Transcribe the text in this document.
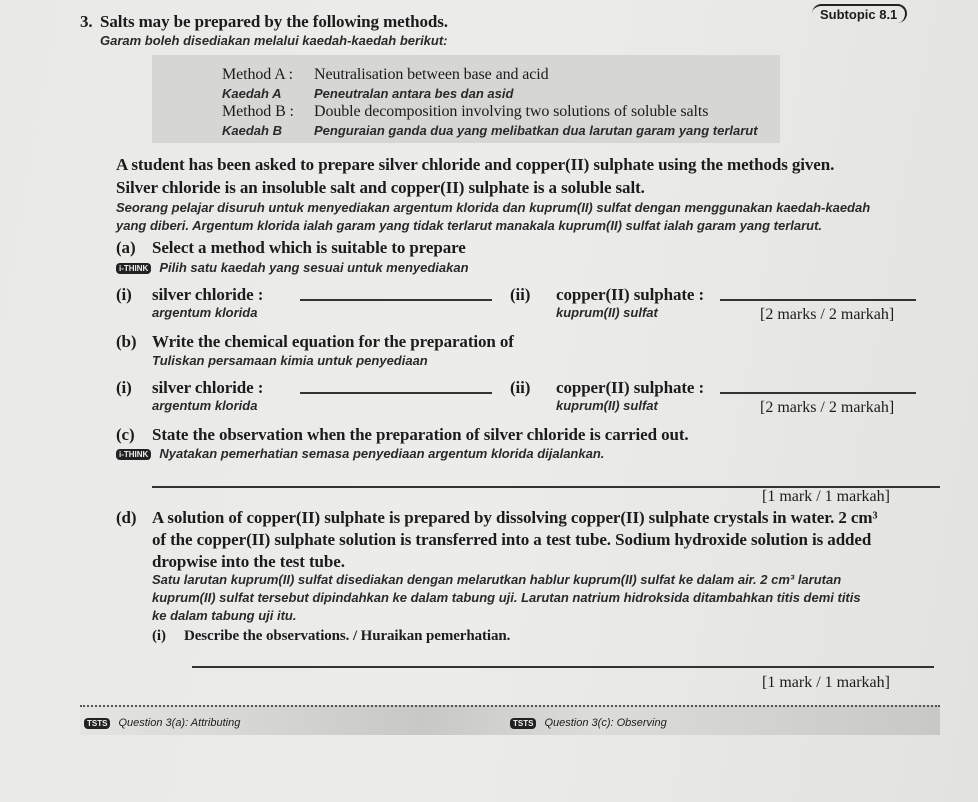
Subtopic 8.1
3. Salts may be prepared by the following methods.
Garam boleh disediakan melalui kaedah-kaedah berikut:
Method A : Neutralisation between base and acid
Kaedah A	Peneutralan antara bes dan asid
Method B : Double decomposition involving two solutions of soluble salts
Kaedah B Penguraian ganda dua yang melibatkan dua larutan garam yang terlarut
A student has been asked to prepare silver chloride and copper(II) sulphate using the methods given.
Silver chloride is an insoluble salt and copper(II) sulphate is a soluble salt.
Seorang pelajar disuruh untuk menyediakan argentum klorida dan kuprum(II) sulfat dengan menggunakan kaedah-kaedah
yang diberi. Argentum klorida ialah garam yang tidak terlarut manakala kuprum(II) sulfat ialah garam yang terlarut.
(a) Select a method which is suitable to prepare
i-THINK Pilih satu kaedah yang sesuai untuk menyediakan
(i) silver chloride :
argentum klorida
(ii) copper(II) sulphate :
kuprum(II) sulfat	[2 marks / 2 markah]
(b) Write the chemical equation for the preparation of
Tuliskan persamaan kimia untuk penyediaan
(i) silver chloride :
argentum klorida
(ii) copper(II) sulphate :
kuprum(II) sulfat	[2 marks / 2 markah]
(c) State the observation when the preparation of silver chloride is carried out.
i-THINK Nyatakan pemerhatian semasa penyediaan argentum klorida dijalankan.
[1 mark / 1 markah]
(d) A solution of copper(II) sulphate is prepared by dissolving copper(II) sulphate crystals in water. 2 cm³
of the copper(II) sulphate solution is transferred into a test tube. Sodium hydroxide solution is added
dropwise into the test tube.
Satu larutan kuprum(II) sulfat disediakan dengan melarutkan hablur kuprum(II) sulfat ke dalam air. 2 cm³ larutan
kuprum(II) sulfat tersebut dipindahkan ke dalam tabung uji. Larutan natrium hidroksida ditambahkan titis demi titis
ke dalam tabung uji itu.
(i) Describe the observations. / Huraikan pemerhatian.
[1 mark / 1 markah]
TSTS Question 3(a): Attributing	TSTS Question 3(c): Observing
